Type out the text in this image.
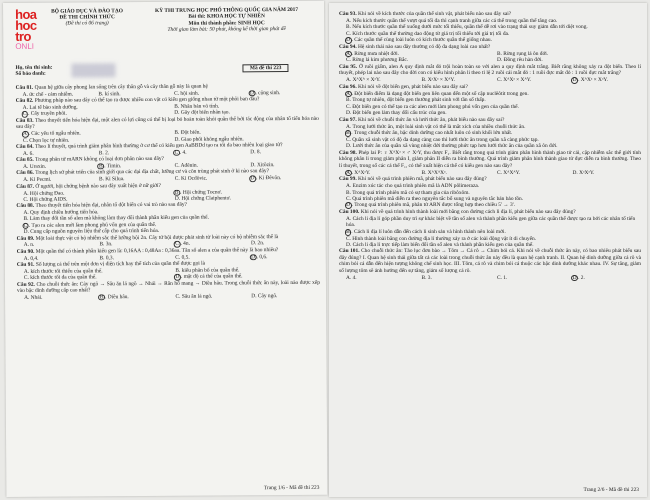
hoa
hoc
tro
ONLI
BỘ GIÁO DỤC VÀ ĐÀO TẠO
ĐỀ THI CHÍNH THỨC
(Đề thi có 06 trang)
KỲ THI TRUNG HỌC PHỔ THÔNG QUỐC GIA NĂM 2017
Bài thi: KHOA HỌC TỰ NHIÊN
Môn thi thành phần: SINH HỌC
Thời gian làm bài: 50 phút, không kể thời gian phát đề
Họ, tên thí sinh:
Số báo danh:
Mã đề thi 223
Câu 81. Quan hệ giữa cây phong lan sống trên cây thân gỗ và cây thân gỗ này là quan hệ
A. ức chế - cảm nhiễm.	B. kí sinh.	C. hội sinh.	D . cộng sinh.
Câu 82. Phương pháp nào sau đây có thể tạo ra được nhiều con vật có kiểu gen giống nhau từ một phôi ban đầu?
A. Lai tế bào sinh dưỡng.	B. Nhân bản vô tính.
C . Cấy truyền phôi.	D. Gây đột biến nhân tạo.
Câu 83. Theo thuyết tiến hóa hiện đại, một alen có lợi cũng có thể bị loại bỏ hoàn toàn khỏi quần thể bởi tác động của nhân tố tiến hóa nào sau đây?
A . Các yếu tố ngẫu nhiên.	B. Đột biến.
C. Chọn lọc tự nhiên.	D. Giao phối không ngẫu nhiên.
Câu 84. Theo lí thuyết, quá trình giảm phân bình thường ở cơ thể có kiểu gen AaBBDd tạo ra tối đa bao nhiêu loại giao tử?
A. 6.	B. 2.	C . 4.	D. 8.
Câu 85. Trong phân tử mARN không có loại đơn phân nào sau đây?
A. Uraxin.	B . Timin.	C. Ađênin.	D. Xitôzin.
Câu 86. Trong lịch sử phát triển của sinh giới qua các đại địa chất, lưỡng cư và côn trùng phát sinh ở kỉ nào sau đây?
A. Kỉ Pecmi.	B. Kỉ Silua.	C. Kỉ Ocđôvic.	D . Kỉ Đêvôn.
Câu 87. Ở người, hội chứng bệnh nào sau đây xuất hiện ở nữ giới?
A. Hội chứng Đao.	B . Hội chứng Tocnơ.
C. Hội chứng AIDS.	D. Hội chứng Claiphentơ.
Câu 88. Theo thuyết tiến hóa hiện đại, nhân tố đột biến có vai trò nào sau đây?
A. Quy định chiều hướng tiến hóa.
B. Làm thay đổi tần số alen mà không làm thay đổi thành phần kiểu gen của quần thể.
C . Tạo ra các alen mới làm phong phú vốn gen của quần thể.
D. Cung cấp nguồn nguyên liệu thứ cấp cho quá trình tiến hóa.
Câu 89. Một loài thực vật có bộ nhiễm sắc thể lưỡng bội 2n. Cây tứ bội được phát sinh từ loài này có bộ nhiễm sắc thể là
A. n.	B. 3n.	C . 4n.	D. 2n.
Câu 90. Một quần thể có thành phần kiểu gen là: 0,16AA : 0,48Aa : 0,36aa. Tần số alen a của quần thể này là bao nhiêu?
A. 0,4.	B. 0,3.	C. 0,5.	D . 0,6.
Câu 91. Số lượng cá thể trên một đơn vị diện tích hay thể tích của quần thể được gọi là
A. kích thước tối thiểu của quần thể.	B. kiểu phân bố của quần thể.
C. kích thước tối đa của quần thể.	D . mật độ cá thể của quần thể.
Câu 92. Cho chuỗi thức ăn: Cây ngô → Sâu ăn lá ngô → Nhái → Rắn hổ mang → Diều hâu. Trong chuỗi thức ăn này, loài nào được xếp vào bậc dinh dưỡng cấp cao nhất?
A. Nhái.	B . Diều hâu.	C. Sâu ăn lá ngô.	D. Cây ngô.
Trang 1/6 - Mã đề thi 223
Câu 93. Khi nói về kích thước của quần thể sinh vật, phát biểu nào sau đây sai?
A. Nếu kích thước quần thể vượt quá tối đa thì cạnh tranh giữa các cá thể trong quần thể tăng cao.
B. Nếu kích thước quần thể xuống dưới mức tối thiểu, quần thể dễ rơi vào trạng thái suy giảm dẫn tới diệt vong.
C. Kích thước quần thể thường dao động từ giá trị tối thiểu tới giá trị tối đa.
D . Các quần thể cùng loài luôn có kích thước quần thể giống nhau.
Câu 94. Hệ sinh thái nào sau đây thường có độ đa dạng loài cao nhất?
A . Rừng mưa nhiệt đới.	B. Rừng rụng lá ôn đới.
C. Rừng lá kim phương Bắc.	D. Đồng rêu hàn đới.
Câu 95. Ở ruồi giấm, alen A quy định mắt đỏ trội hoàn toàn so với alen a quy định mắt trắng. Biết rằng không xảy ra đột biến. Theo lí thuyết, phép lai nào sau đây cho đời con có kiểu hình phân li theo tỉ lệ 2 ruồi cái mắt đỏ : 1 ruồi đực mắt đỏ : 1 ruồi đực mắt trắng?
A. XᴬXᴬ × XᵃY.	B. XᵃXᵃ × XᴬY.	C. XᴬXᵃ × XᴬY.	D . XᴬXᵃ × XᵃY.
Câu 96. Khi nói về đột biến gen, phát biểu nào sau đây sai?
A . Đột biến điểm là dạng đột biến gen liên quan đến một số cặp nuclêôtit trong gen.
B. Trong tự nhiên, đột biến gen thường phát sinh với tần số thấp.
C. Đột biến gen có thể tạo ra các alen mới làm phong phú vốn gen của quần thể.
D. Đột biến gen làm thay đổi cấu trúc của gen.
Câu 97. Khi nói về chuỗi thức ăn và lưới thức ăn, phát biểu nào sau đây sai?
A. Trong lưới thức ăn, một loài sinh vật có thể là mắt xích của nhiều chuỗi thức ăn.
B . Trong chuỗi thức ăn, bậc dinh dưỡng cao nhất luôn có sinh khối lớn nhất.
C. Quần xã sinh vật có độ đa dạng càng cao thì lưới thức ăn trong quần xã càng phức tạp.
D. Lưới thức ăn của quần xã vùng nhiệt đới thường phức tạp hơn lưới thức ăn của quần xã ôn đới.
Câu 98. Phép lai P: ♀ XᴬXᵃ × ♂ XᵃY, thu được F₁. Biết rằng trong quá trình giảm phân hình thành giao tử cái, cặp nhiễm sắc thể giới tính không phân li trong giảm phân I, giảm phân II diễn ra bình thường. Quá trình giảm phân hình thành giao tử đực diễn ra bình thường. Theo lí thuyết, trong số các cá thể F₁, có thể xuất hiện cá thể có kiểu gen nào sau đây?
A . XᴬXᵃY.	B. XᴬXᴬXᵃ.	C. XᴬXᴬY.	D. XᵃXᵃY.
Câu 99. Khi nói về quá trình phiên mã, phát biểu nào sau đây đúng?
A. Enzim xúc tác cho quá trình phiên mã là ADN pôlimeraza.
B. Trong quá trình phiên mã có sự tham gia của ribôxôm.
C. Quá trình phiên mã diễn ra theo nguyên tắc bổ sung và nguyên tắc bán bảo tồn.
D . Trong quá trình phiên mã, phân tử ARN được tổng hợp theo chiều 5' → 3'.
Câu 100. Khi nói về quá trình hình thành loài mới bằng con đường cách li địa lí, phát biểu nào sau đây đúng?
A. Cách li địa lí góp phần duy trì sự khác biệt về tần số alen và thành phần kiểu gen giữa các quần thể được tạo ra bởi các nhân tố tiến hóa.
B . Cách li địa lí luôn dẫn đến cách li sinh sản và hình thành nên loài mới.
C. Hình thành loài bằng con đường địa lí thường xảy ra ở các loài động vật ít di chuyển.
D. Cách li địa lí trực tiếp làm biến đổi tần số alen và thành phần kiểu gen của quần thể.
Câu 101. Cho chuỗi thức ăn: Tảo lục đơn bào → Tôm → Cá rô → Chim bói cá. Khi nói về chuỗi thức ăn này, có bao nhiêu phát biểu sau đây đúng? I. Quan hệ sinh thái giữa tất cả các loài trong chuỗi thức ăn này đều là quan hệ cạnh tranh. II. Quan hệ dinh dưỡng giữa cá rô và chim bói cá dẫn đến hiện tượng không chế sinh học. III. Tôm, cá rô và chim bói cá thuộc các bậc dinh dưỡng khác nhau. IV. Sự tăng, giảm số lượng tôm sẽ ảnh hưởng đến sự tăng, giảm số lượng cá rô.
A. 4.	B. 3.	C. 1.	D . 2.
Trang 2/6 - Mã đề thi 223
